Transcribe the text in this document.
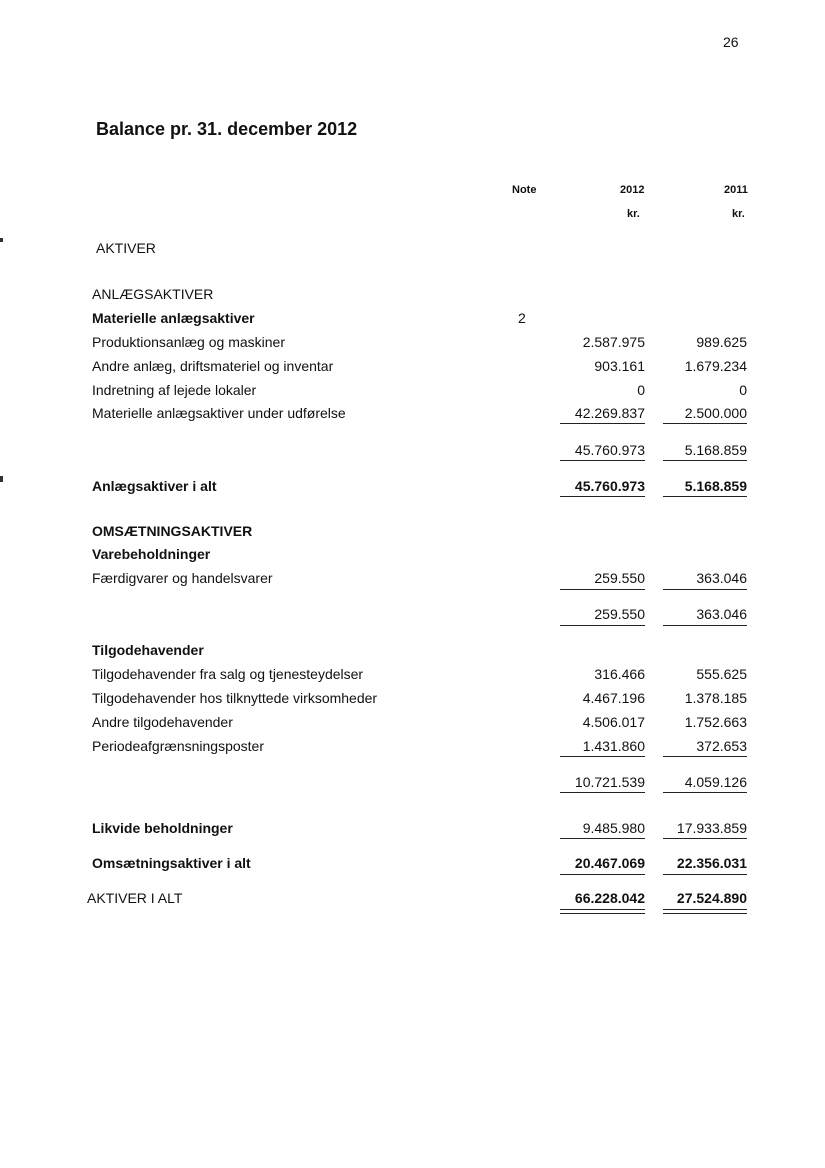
26
Balance pr. 31. december 2012
Note	2012	2011
kr.	kr.
AKTIVER
ANLÆGSAKTIVER
Materielle anlægsaktiver	2
Produktionsanlæg og maskiner	2.587.975	989.625
Andre anlæg, driftsmateriel og inventar	903.161	1.679.234
Indretning af lejede lokaler	0	0
Materielle anlægsaktiver under udførelse	42.269.837	2.500.000
45.760.973	5.168.859
Anlægsaktiver i alt	45.760.973	5.168.859
OMSÆTNINGSAKTIVER
Varebeholdninger
Færdigvarer og handelsvarer	259.550	363.046
259.550	363.046
Tilgodehavender
Tilgodehavender fra salg og tjenesteydelser	316.466	555.625
Tilgodehavender hos tilknyttede virksomheder	4.467.196	1.378.185
Andre tilgodehavender	4.506.017	1.752.663
Periodeafgrænsningsposter	1.431.860	372.653
10.721.539	4.059.126
Likvide beholdninger	9.485.980	17.933.859
Omsætningsaktiver i alt	20.467.069	22.356.031
AKTIVER I ALT	66.228.042	27.524.890
